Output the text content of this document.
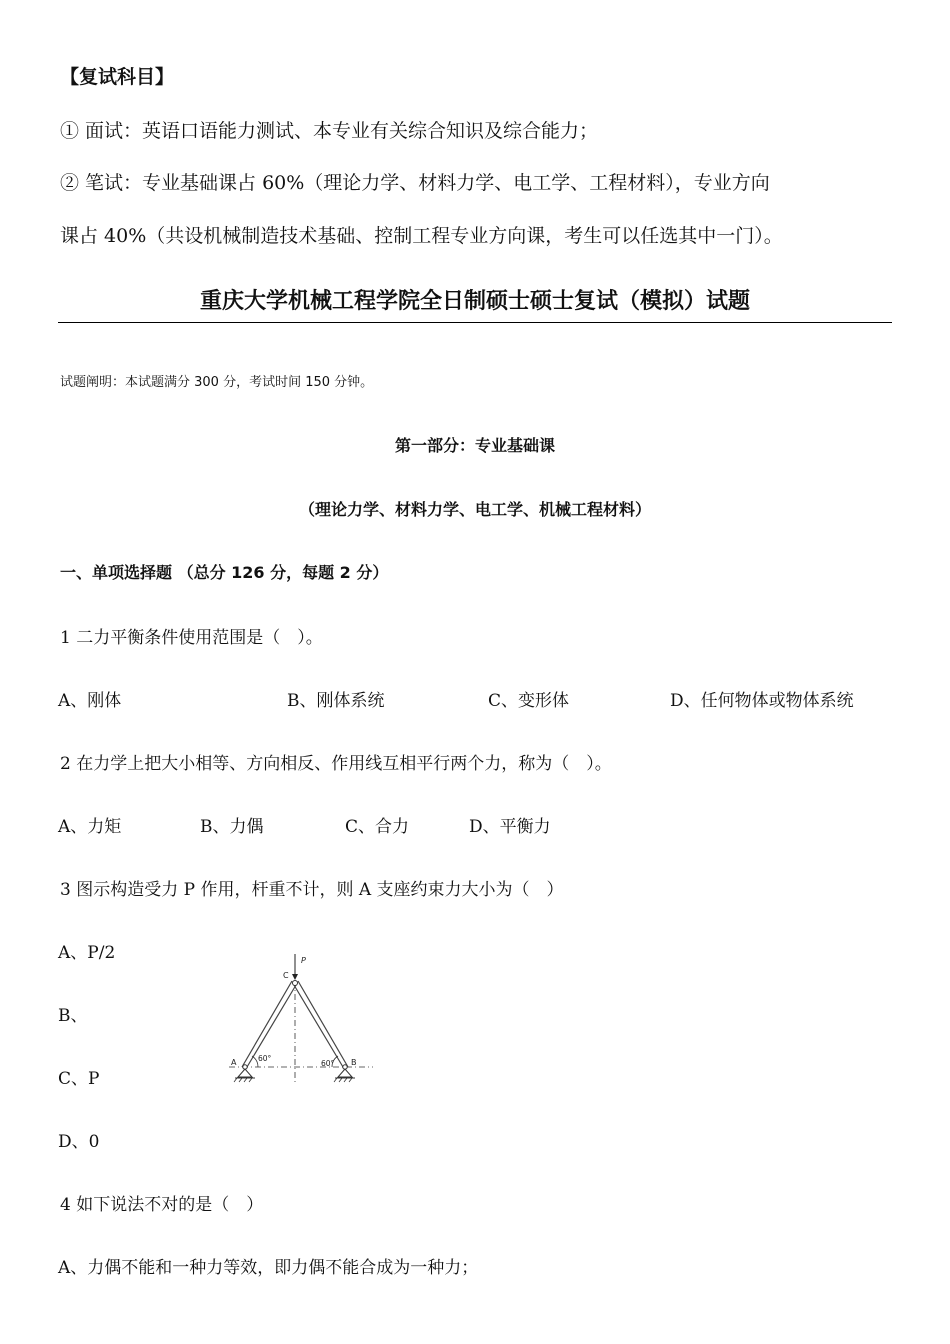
【复试科目】
① 面试：英语口语能力测试、本专业有关综合知识及综合能力；
② 笔试：专业基础课占 60%（理论力学、材料力学、电工学、工程材料），专业方向
课占 40%（共设机械制造技术基础、控制工程专业方向课，考生可以任选其中一门）。
重庆大学机械工程学院全日制硕士硕士复试（模拟）试题
试题阐明：本试题满分 300 分，考试时间 150 分钟。
第一部分：专业基础课
（理论力学、材料力学、电工学、机械工程材料）
一、单项选择题 （总分 126 分，每题 2 分）
1 二力平衡条件使用范围是（　）。
A、刚体	B、刚体系统	C、变形体	D、任何物体或物体系统
2 在力学上把大小相等、方向相反、作用线互相平行两个力，称为（　）。
A、力矩	B、力偶	C、合力	D、平衡力
3 图示构造受力 P 作用，杆重不计，则 A 支座约束力大小为（　）
A、P/2
B、
C、P
D、0
C
P
A	B
60°
60°
4 如下说法不对的是（　）
A、力偶不能和一种力等效，即力偶不能合成为一种力；
